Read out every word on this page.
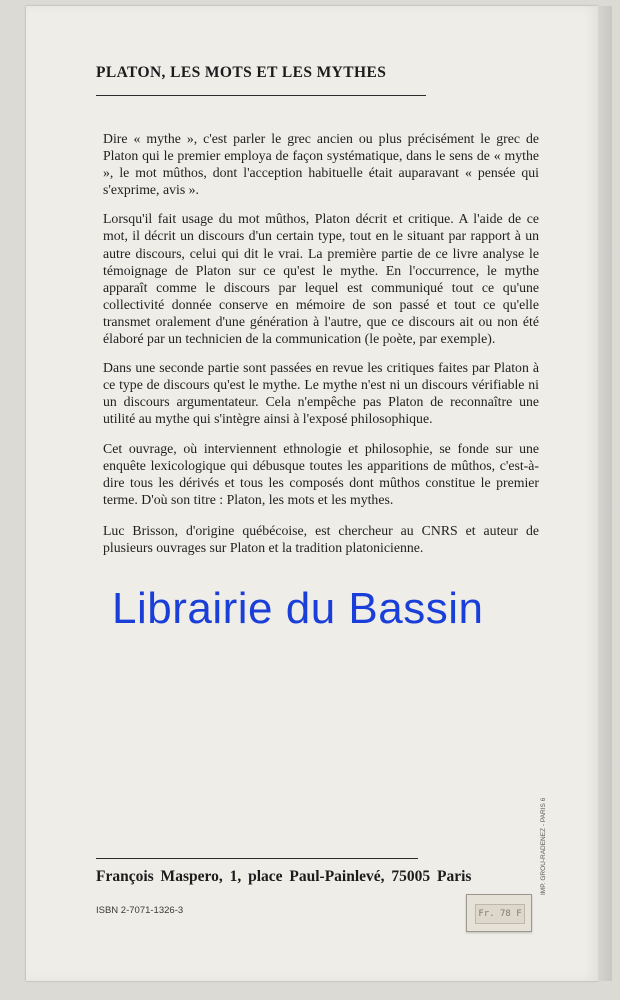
PLATON, LES MOTS ET LES MYTHES

Dire « mythe », c'est parler le grec ancien ou plus précisément le grec de Platon qui le premier employa de façon systématique, dans le sens de « mythe », le mot mûthos, dont l'acception habituelle était auparavant « pensée qui s'exprime, avis ».

Lorsqu'il fait usage du mot mûthos, Platon décrit et critique. A l'aide de ce mot, il décrit un discours d'un certain type, tout en le situant par rapport à un autre discours, celui qui dit le vrai. La première partie de ce livre analyse le témoignage de Platon sur ce qu'est le mythe. En l'occurrence, le mythe apparaît comme le discours par lequel est communiqué tout ce qu'une collectivité donnée conserve en mémoire de son passé et tout ce qu'elle transmet oralement d'une génération à l'autre, que ce discours ait ou non été élaboré par un technicien de la communication (le poète, par exemple).

Dans une seconde partie sont passées en revue les critiques faites par Platon à ce type de discours qu'est le mythe. Le mythe n'est ni un discours vérifiable ni un discours argumentateur. Cela n'empêche pas Platon de reconnaître une utilité au mythe qui s'intègre ainsi à l'exposé philosophique.

Cet ouvrage, où interviennent ethnologie et philosophie, se fonde sur une enquête lexicologique qui débusque toutes les apparitions de mûthos, c'est-à-dire tous les dérivés et tous les composés dont mûthos constitue le premier terme. D'où son titre : Platon, les mots et les mythes.

Luc Brisson, d'origine québécoise, est chercheur au CNRS et auteur de plusieurs ouvrages sur Platon et la tradition platonicienne.

Librairie du Bassin
François Maspero, 1, place Paul-Painlevé, 75005 Paris
ISBN 2-7071-1326-3	Fr. 78 F
IMP. GROU-RADENEZ - PARIS 6
